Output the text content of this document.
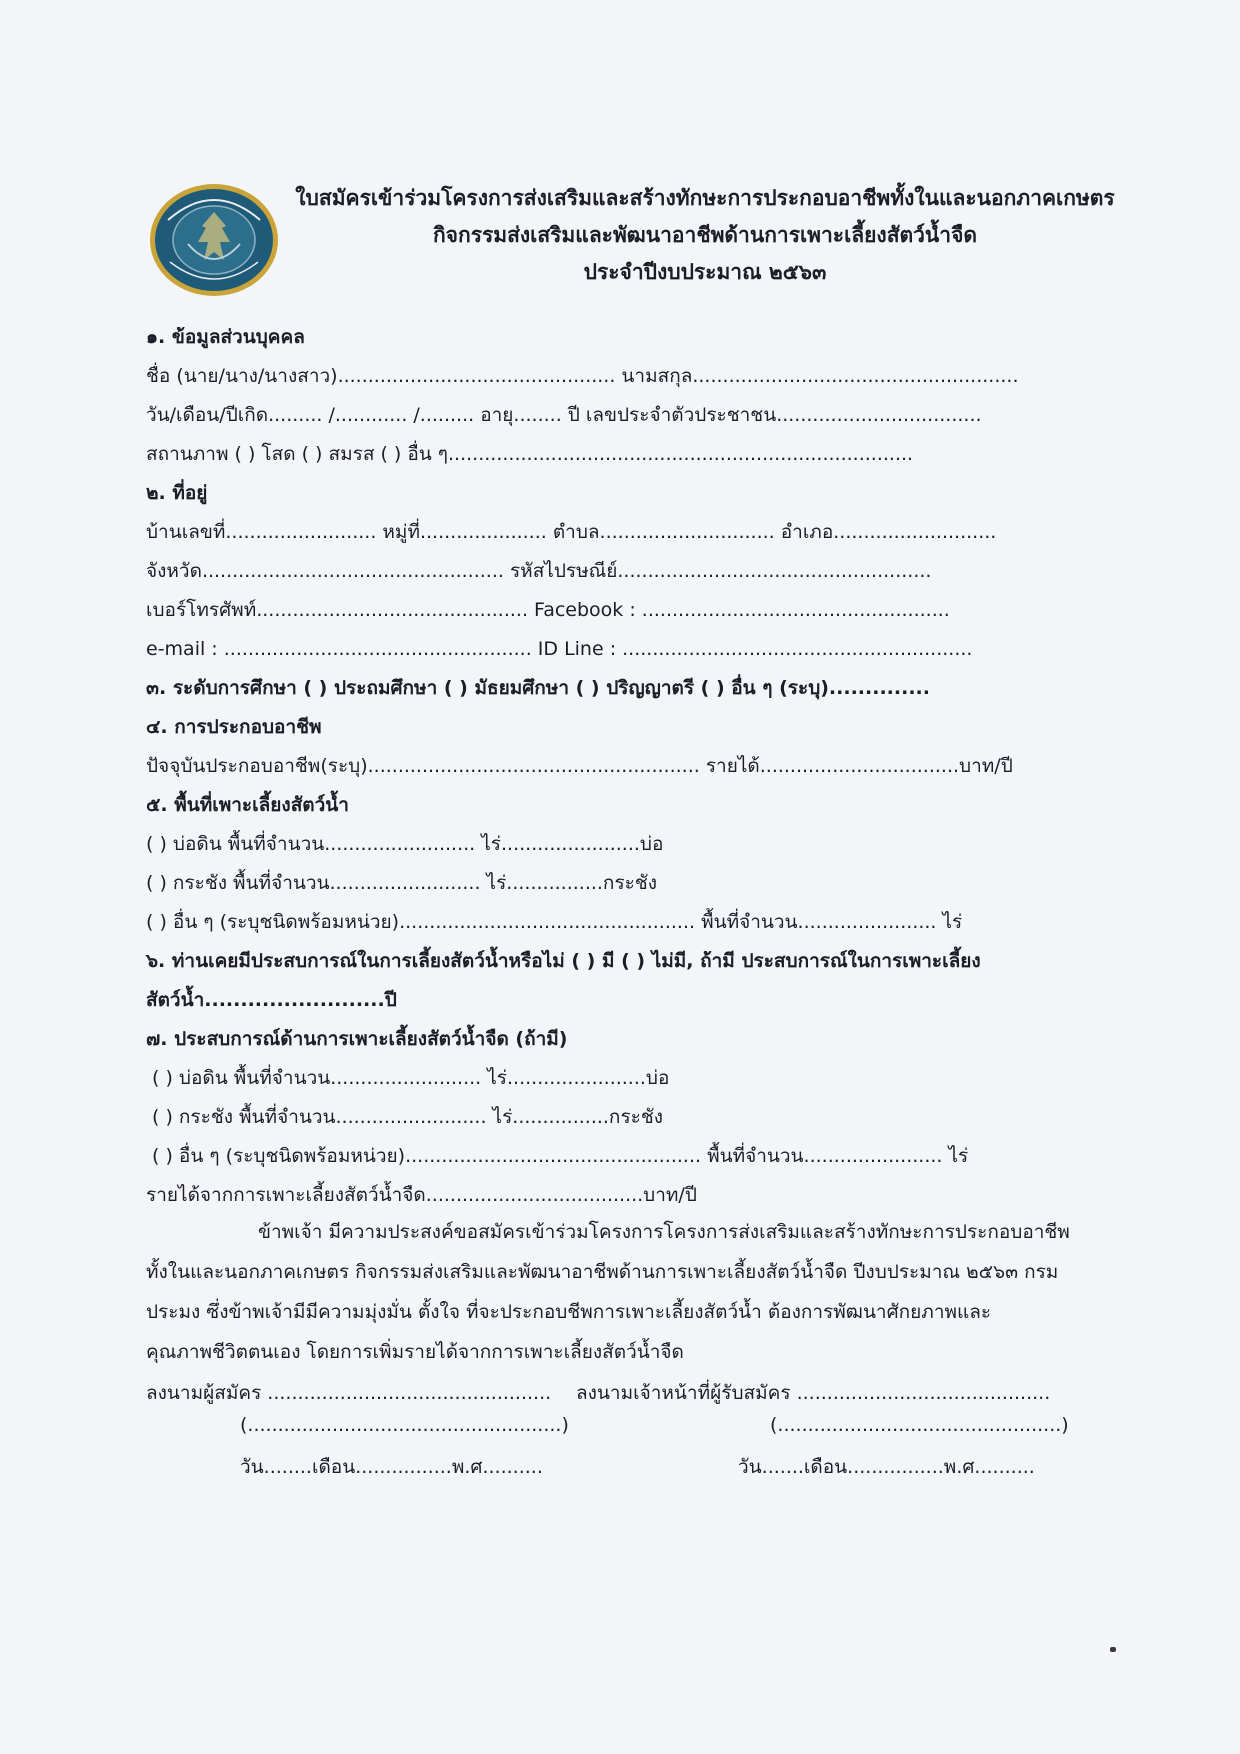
ใบสมัครเข้าร่วมโครงการส่งเสริมและสร้างทักษะการประกอบอาชีพทั้งในและนอกภาคเกษตร
กิจกรรมส่งเสริมและพัฒนาอาชีพด้านการเพาะเลี้ยงสัตว์น้ำจืด
ประจำปีงบประมาณ ๒๕๖๓
๑. ข้อมูลส่วนบุคคล
ชื่อ (นาย/นาง/นางสาว).............................................. นามสกุล......................................................
วัน/เดือน/ปีเกิด......... /............ /......... อายุ........ ปี เลขประจำตัวประชาชน..................................
สถานภาพ ( ) โสด ( ) สมรส ( ) อื่น ๆ.............................................................................
๒. ที่อยู่
บ้านเลขที่......................... หมู่ที่..................... ตำบล............................. อำเภอ...........................
จังหวัด.................................................. รหัสไปรษณีย์....................................................
เบอร์โทรศัพท์............................................. Facebook : ...................................................
e-mail : ................................................... ID Line : ..........................................................
๓. ระดับการศึกษา ( ) ประถมศึกษา ( ) มัธยมศึกษา ( ) ปริญญาตรี ( ) อื่น ๆ (ระบุ)..............
๔. การประกอบอาชีพ
ปัจจุบันประกอบอาชีพ(ระบุ)....................................................... รายได้.................................บาท/ปี
๕. พื้นที่เพาะเลี้ยงสัตว์น้ำ
( ) บ่อดิน พื้นที่จำนวน......................... ไร่.......................บ่อ
( ) กระชัง พื้นที่จำนวน......................... ไร่................กระชัง
( ) อื่น ๆ (ระบุชนิดพร้อมหน่วย)................................................. พื้นที่จำนวน....................... ไร่
๖. ท่านเคยมีประสบการณ์ในการเลี้ยงสัตว์น้ำหรือไม่ ( ) มี ( ) ไม่มี, ถ้ามี ประสบการณ์ในการเพาะเลี้ยง
สัตว์น้ำ.........................ปี
๗. ประสบการณ์ด้านการเพาะเลี้ยงสัตว์น้ำจืด (ถ้ามี)
( ) บ่อดิน พื้นที่จำนวน......................... ไร่.......................บ่อ
( ) กระชัง พื้นที่จำนวน......................... ไร่................กระชัง
( ) อื่น ๆ (ระบุชนิดพร้อมหน่วย)................................................. พื้นที่จำนวน....................... ไร่
รายได้จากการเพาะเลี้ยงสัตว์น้ำจืด....................................บาท/ปี
ข้าพเจ้า มีความประสงค์ขอสมัครเข้าร่วมโครงการโครงการส่งเสริมและสร้างทักษะการประกอบอาชีพ
ทั้งในและนอกภาคเกษตร กิจกรรมส่งเสริมและพัฒนาอาชีพด้านการเพาะเลี้ยงสัตว์น้ำจืด ปีงบประมาณ ๒๕๖๓ กรม
ประมง ซึ่งข้าพเจ้ามีมีความมุ่งมั่น ตั้งใจ ที่จะประกอบชีพการเพาะเลี้ยงสัตว์น้ำ ต้องการพัฒนาศักยภาพและ
คุณภาพชีวิตตนเอง โดยการเพิ่มรายได้จากการเพาะเลี้ยงสัตว์น้ำจืด
ลงนามผู้สมัคร ...............................................
(....................................................)
วัน........เดือน................พ.ศ..........
ลงนามเจ้าหน้าที่ผู้รับสมัคร ..........................................
(...............................................)
วัน.......เดือน................พ.ศ..........
